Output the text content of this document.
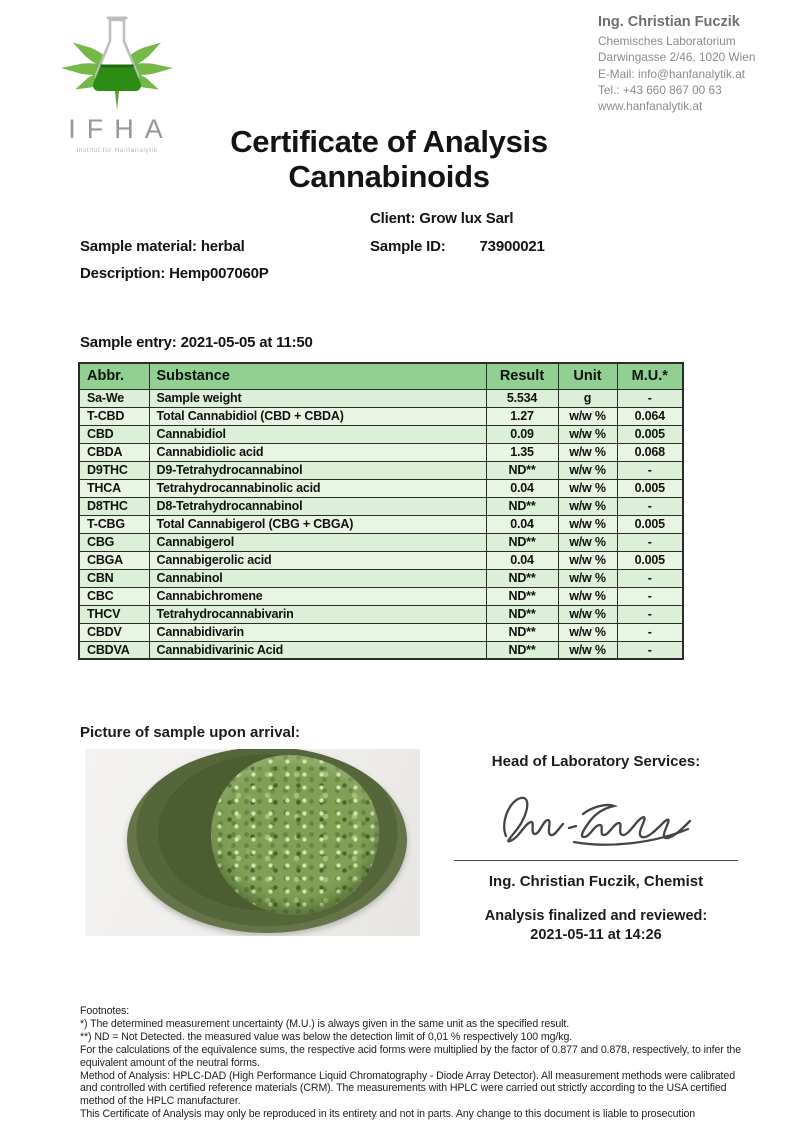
IFHA
Institut für Hanfanalytik
Ing. Christian Fuczik
Chemisches Laboratorium
Darwingasse 2/46, 1020 Wien
E-Mail: info@hanfanalytik.at
Tel.: +43 660 867 00 63
www.hanfanalytik.at
Certificate of Analysis
Cannabinoids
Client: Grow lux Sarl
Sample material: herbal	Sample ID: 73900021
Description: Hemp007060P
Sample entry: 2021-05-05 at 11:50
Abbr.	Substance	Result	Unit	M.U.*
Sa-We	Sample weight	5.534	g	-
T-CBD	Total Cannabidiol (CBD + CBDA)	1.27	w/w %	0.064
CBD	Cannabidiol	0.09	w/w %	0.005
CBDA	Cannabidiolic acid	1.35	w/w %	0.068
D9THC	D9-Tetrahydrocannabinol	ND**	w/w %	-
THCA	Tetrahydrocannabinolic acid	0.04	w/w %	0.005
D8THC	D8-Tetrahydrocannabinol	ND**	w/w %	-
T-CBG	Total Cannabigerol (CBG + CBGA)	0.04	w/w %	0.005
CBG	Cannabigerol	ND**	w/w %	-
CBGA	Cannabigerolic acid	0.04	w/w %	0.005
CBN	Cannabinol	ND**	w/w %	-
CBC	Cannabichromene	ND**	w/w %	-
THCV	Tetrahydrocannabivarin	ND**	w/w %	-
CBDV	Cannabidivarin	ND**	w/w %	-
CBDVA	Cannabidivarinic Acid	ND**	w/w %	-
Picture of sample upon arrival:
Head of Laboratory Services:
Ing. Christian Fuczik, Chemist
Analysis finalized and reviewed:
2021-05-11 at 14:26
Footnotes:
*) The determined measurement uncertainty (M.U.) is always given in the same unit as the specified result.
**) ND = Not Detected. the measured value was below the detection limit of 0,01 % respectively 100 mg/kg.
For the calculations of the equivalence sums, the respective acid forms were multiplied by the factor of 0.877 and 0.878, respectively, to infer the equivalent amount of the neutral forms.
Method of Analysis: HPLC-DAD (High Performance Liquid Chromatography - Diode Array Detector). All measurement methods were calibrated and controlled with certified reference materials (CRM). The measurements with HPLC were carried out strictly according to the USA certified method of the HPLC manufacturer.
This Certificate of Analysis may only be reproduced in its entirety and not in parts. Any change to this document is liable to prosecution
